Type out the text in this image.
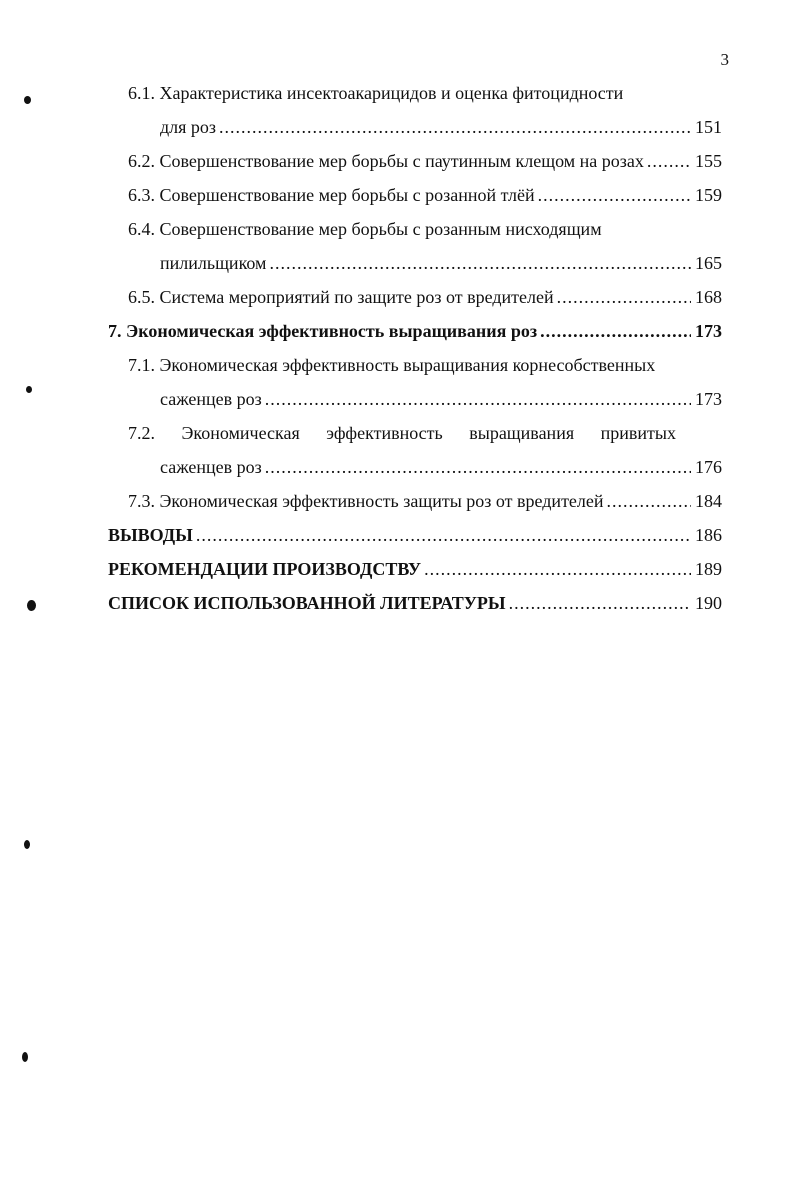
3
6.1. Характеристика инсектоакарицидов и оценка фитоцидности
для роз .....	151
6.2. Совершенствование мер борьбы с паутинным клещом на розах .....	155
6.3. Совершенствование мер борьбы с розанной тлёй .....	159
6.4. Совершенствование мер борьбы с розанным нисходящим
пилильщиком .....	165
6.5. Система мероприятий по защите роз от вредителей .....	168
7. Экономическая эффективность выращивания роз .....	173
7.1. Экономическая эффективность выращивания корнесобственных
саженцев роз .....	173
7.2. Экономическая эффективность выращивания привитых
саженцев роз .....	176
7.3. Экономическая эффективность защиты роз от вредителей .....	184
ВЫВОДЫ .....	186
РЕКОМЕНДАЦИИ ПРОИЗВОДСТВУ .....	189
СПИСОК ИСПОЛЬЗОВАННОЙ ЛИТЕРАТУРЫ .....	190
